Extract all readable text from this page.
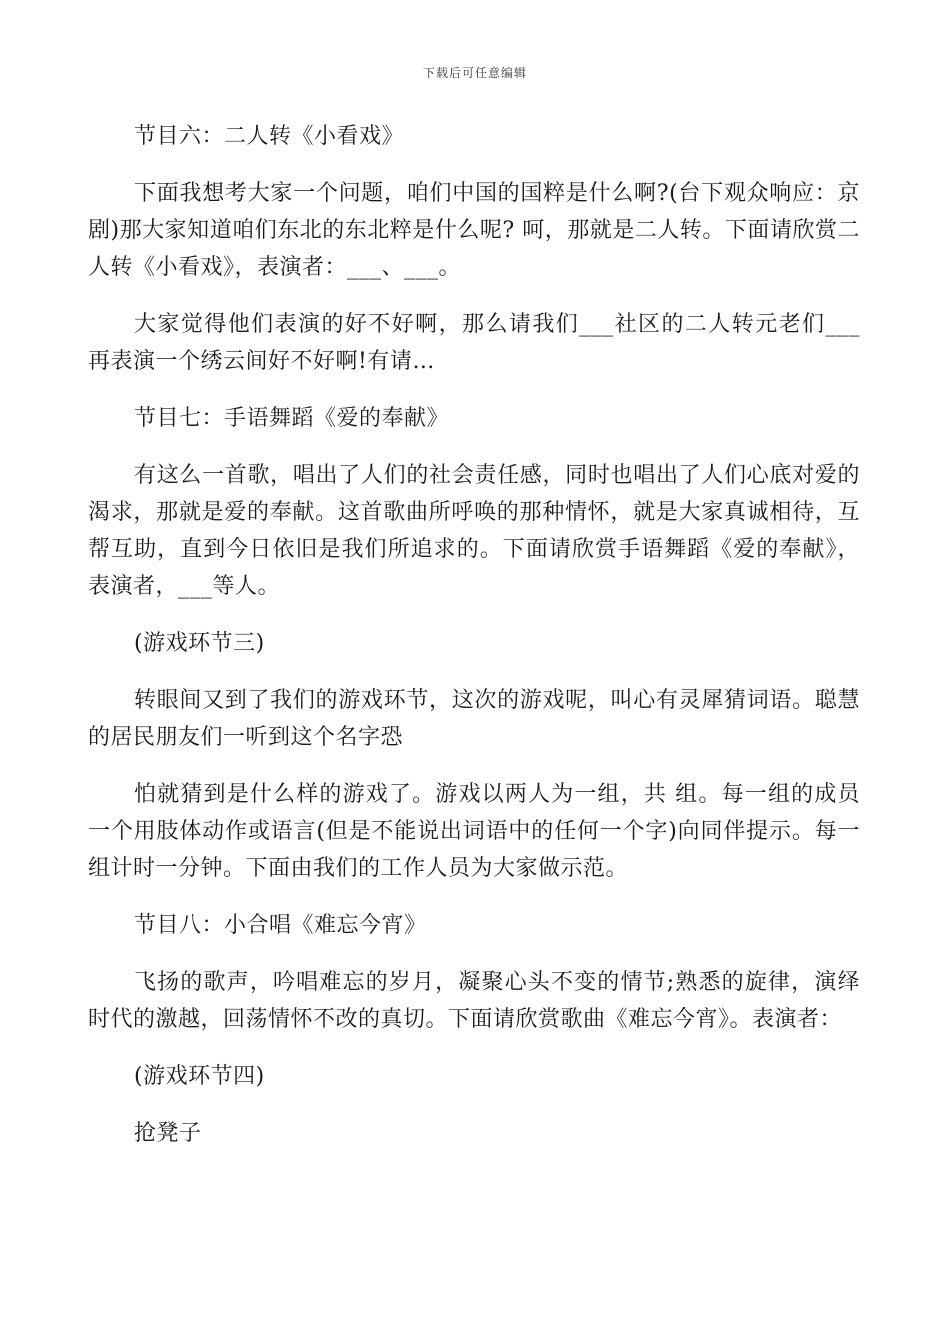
下载后可任意编辑

节目六：二人转《小看戏》

下面我想考大家一个问题，咱们中国的国粹是什么啊?(台下观众响应：京剧)那大家知道咱们东北的东北粹是什么呢? 呵，那就是二人转。下面请欣赏二人转《小看戏》，表演者：___、___。

大家觉得他们表演的好不好啊，那么请我们___社区的二人转元老们___ 再表演一个绣云间好不好啊!有请…

节目七：手语舞蹈《爱的奉献》

有这么一首歌，唱出了人们的社会责任感，同时也唱出了人们心底对爱的渴求，那就是爱的奉献。这首歌曲所呼唤的那种情怀，就是大家真诚相待，互帮互助，直到今日依旧是我们所追求的。下面请欣赏手语舞蹈《爱的奉献》，表演者，___等人。

(游戏环节三)

转眼间又到了我们的游戏环节，这次的游戏呢，叫心有灵犀猜词语。聪慧的居民朋友们一听到这个名字恐

怕就猜到是什么样的游戏了。游戏以两人为一组，共 组。每一组的成员一个用肢体动作或语言(但是不能说出词语中的任何一个字)向同伴提示。每一组计时一分钟。下面由我们的工作人员为大家做示范。

节目八：小合唱《难忘今宵》

飞扬的歌声，吟唱难忘的岁月，凝聚心头不变的情节;熟悉的旋律，演绎时代的激越，回荡情怀不改的真切。下面请欣赏歌曲《难忘今宵》。表演者：

(游戏环节四)

抢凳子
